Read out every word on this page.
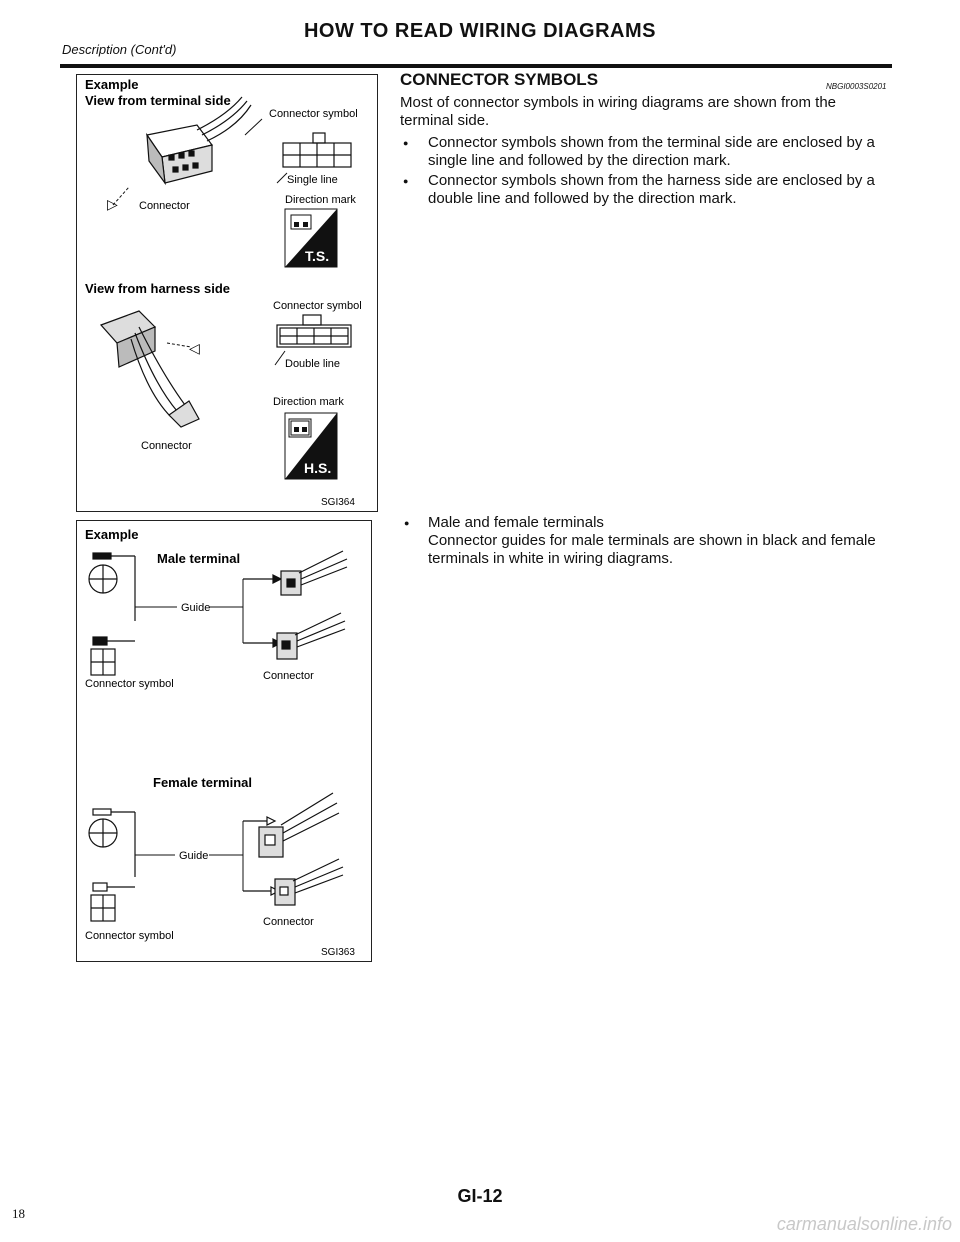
HOW TO READ WIRING DIAGRAMS
Description (Cont'd)
Example
View from terminal side
▷ Connector
Connector symbol
Single line
Direction mark
T.S.
View from harness side
Connector symbol
◁
Connector
Double line
Direction mark
H.S.
SGI364
Example
Male terminal
Guide
Connector symbol
Connector
Female terminal
Guide
Connector symbol
Connector
SGI363
CONNECTOR SYMBOLS	NBGI0003S0201
Most of connector symbols in wiring diagrams are shown from the terminal side.
● Connector symbols shown from the terminal side are enclosed by a single line and followed by the direction mark.
● Connector symbols shown from the harness side are enclosed by a double line and followed by the direction mark.
● Male and female terminals
Connector guides for male terminals are shown in black and female terminals in white in wiring diagrams.
GI-12
18
carmanualsonline.info
